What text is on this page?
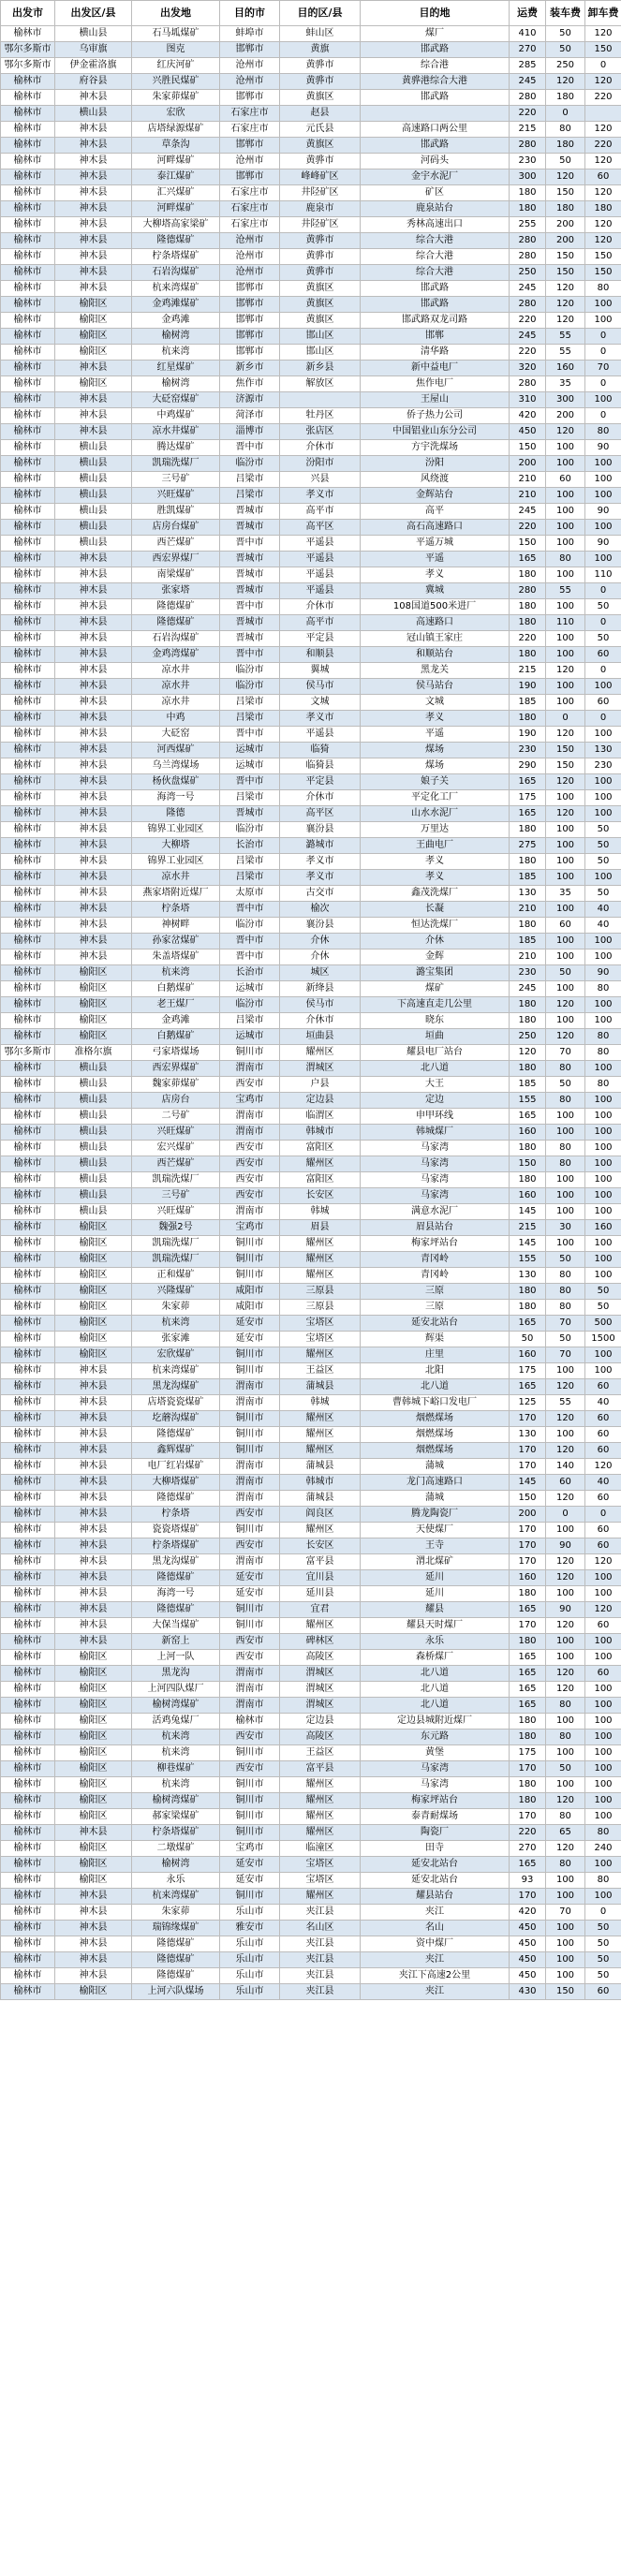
出发市	出发区/县	出发地	目的市	目的区/县	目的地	运费	装车费	卸车费
榆林市	横山县	石马坬煤矿	蚌埠市	蚌山区	煤厂	410	50	120
鄂尔多斯市	乌审旗	图克	邯郸市	黄旗	邯武路	270	50	150
鄂尔多斯市	伊金霍洛旗	红庆河矿	沧州市	黄骅市	综合港	285	250	0
榆林市	府谷县	兴胜民煤矿	沧州市	黄骅市	黄骅港综合大港	245	120	120
榆林市	神木县	朱家茆煤矿	邯郸市	黄旗区	邯武路	280	180	220
榆林市	横山县	宏欣	石家庄市	赵县		220	0	
榆林市	神木县	店塔绿源煤矿	石家庄市	元氏县	高速路口两公里	215	80	120
榆林市	神木县	草条沟	邯郸市	黄旗区	邯武路	280	180	220
榆林市	神木县	河畔煤矿	沧州市	黄骅市	河码头	230	50	120
榆林市	神木县	泰江煤矿	邯郸市	峰峰矿区	金宇水泥厂	300	120	60
榆林市	神木县	汇兴煤矿	石家庄市	井陉矿区	矿区	180	150	120
榆林市	神木县	河畔煤矿	石家庄市	鹿泉市	鹿泉站台	180	180	180
榆林市	神木县	大柳塔高家梁矿	石家庄市	井陉矿区	秀林高速出口	255	200	120
榆林市	神木县	隆德煤矿	沧州市	黄骅市	综合大港	280	200	120
榆林市	神木县	柠条塔煤矿	沧州市	黄骅市	综合大港	280	150	150
榆林市	神木县	石岩沟煤矿	沧州市	黄骅市	综合大港	250	150	150
榆林市	神木县	杭来湾煤矿	邯郸市	黄旗区	邯武路	245	120	80
榆林市	榆阳区	金鸡滩煤矿	邯郸市	黄旗区	邯武路	280	120	100
榆林市	榆阳区	金鸡滩	邯郸市	黄旗区	邯武路双龙司路	220	120	100
榆林市	榆阳区	榆树湾	邯郸市	邯山区	邯郸	245	55	0
榆林市	榆阳区	杭来湾	邯郸市	邯山区	清华路	220	55	0
榆林市	神木县	红星煤矿	新乡市	新乡县	新中益电厂	320	160	70
榆林市	榆阳区	榆树湾	焦作市	解放区	焦作电厂	280	35	0
榆林市	神木县	大砭窑煤矿	济源市		王屋山	310	300	100
榆林市	神木县	中鸡煤矿	菏泽市	牡丹区	侨子热力公司	420	200	0
榆林市	神木县	凉水井煤矿	淄博市	张店区	中国铝业山东分公司	450	120	80
榆林市	横山县	腾达煤矿	晋中市	介休市	方宇洗煤场	150	100	90
榆林市	横山县	凯瑞洗煤厂	临汾市	汾阳市	汾阳	200	100	100
榆林市	横山县	三号矿	吕梁市	兴县	风绕渡	210	60	100
榆林市	横山县	兴旺煤矿	吕梁市	孝义市	金辉站台	210	100	100
榆林市	横山县	胜凯煤矿	晋城市	高平市	高平	245	100	90
榆林市	横山县	店房台煤矿	晋城市	高平区	高石高速路口	220	100	100
榆林市	横山县	西芒煤矿	晋中市	平遥县	平遥万城	150	100	90
榆林市	神木县	西宏界煤厂	晋城市	平遥县	平遥	165	80	100
榆林市	神木县	南梁煤矿	晋城市	平遥县	孝义	180	100	110
榆林市	神木县	张家塔	晋城市	平遥县	冀城	280	55	0
榆林市	神木县	隆德煤矿	晋中市	介休市	108国道500米进厂	180	100	50
榆林市	神木县	隆德煤矿	晋城市	高平市	高速路口	180	110	0
榆林市	神木县	石岩沟煤矿	晋城市	平定县	冠山镇王家庄	220	100	50
榆林市	神木县	金鸡湾煤矿	晋中市	和顺县	和顺站台	180	100	60
榆林市	神木县	凉水井	临汾市	翼城	黑龙关	215	120	0
榆林市	神木县	凉水井	临汾市	侯马市	侯马站台	190	100	100
榆林市	神木县	凉水井	吕梁市	文城	文城	185	100	60
榆林市	神木县	中鸡	吕梁市	孝义市	孝义	180	0	0
榆林市	神木县	大砭窑	晋中市	平遥县	平遥	190	120	100
榆林市	神木县	河西煤矿	运城市	临猗	煤场	230	150	130
榆林市	神木县	乌兰湾煤场	运城市	临猗县	煤场	290	150	230
榆林市	神木县	杨伙盘煤矿	晋中市	平定县	娘子关	165	120	100
榆林市	神木县	海湾一号	吕梁市	介休市	平定化工厂	175	100	100
榆林市	神木县	隆德	晋城市	高平区	山水水泥厂	165	120	100
榆林市	神木县	锦界工业园区	临汾市	襄汾县	万里达	180	100	50
榆林市	神木县	大柳塔	长治市	潞城市	王曲电厂	275	100	50
榆林市	神木县	锦界工业园区	吕梁市	孝义市	孝义	180	100	50
榆林市	神木县	凉水井	吕梁市	孝义市	孝义	185	100	100
榆林市	神木县	燕家塔附近煤厂	太原市	古交市	鑫茂洗煤厂	130	35	50
榆林市	神木县	柠条塔	晋中市	榆次	长凝	210	100	40
榆林市	神木县	神树畔	临汾市	襄汾县	恒达洗煤厂	180	60	40
榆林市	神木县	孙家岔煤矿	晋中市	介休	介休	185	100	100
榆林市	神木县	朱盖塔煤矿	晋中市	介休	金辉	210	100	100
榆林市	榆阳区	杭来湾	长治市	城区	潞宝集团	230	50	90
榆林市	榆阳区	白鹅煤矿	运城市	新绛县	煤矿	245	100	80
榆林市	榆阳区	老王煤厂	临汾市	侯马市	下高速直走几公里	180	120	100
榆林市	榆阳区	金鸡滩	吕梁市	介休市	晓东	180	100	100
榆林市	榆阳区	白鹅煤矿	运城市	垣曲县	垣曲	250	120	80
鄂尔多斯市	准格尔旗	弓家塔煤场	铜川市	耀州区	耀县电厂站台	120	70	80
榆林市	横山县	西宏界煤矿	渭南市	渭城区	北八道	180	80	100
榆林市	横山县	魏家茆煤矿	西安市	户县	大王	185	50	80
榆林市	横山县	店房台	宝鸡市	定边县	定边	155	80	100
榆林市	横山县	二号矿	渭南市	临渭区	申甲环线	165	100	100
榆林市	横山县	兴旺煤矿	渭南市	韩城市	韩城煤厂	160	100	100
榆林市	横山县	宏兴煤矿	西安市	富阳区	马家湾	180	80	100
榆林市	横山县	西芒煤矿	西安市	耀州区	马家湾	150	80	100
榆林市	横山县	凯瑞洗煤厂	西安市	富阳区	马家湾	180	100	100
榆林市	横山县	三号矿	西安市	长安区	马家湾	160	100	100
榆林市	横山县	兴旺煤矿	渭南市	韩城	满意水泥厂	145	100	100
榆林市	榆阳区	魏强2号	宝鸡市	眉县	眉县站台	215	30	160
榆林市	榆阳区	凯瑞洗煤厂	铜川市	耀州区	梅家坪站台	145	100	100
榆林市	榆阳区	凯瑞洗煤厂	铜川市	耀州区	青冈岭	155	50	100
榆林市	榆阳区	正和煤矿	铜川市	耀州区	青冈岭	130	80	100
榆林市	榆阳区	兴隆煤矿	咸阳市	三原县	三原	180	80	50
榆林市	榆阳区	朱家茆	咸阳市	三原县	三原	180	80	50
榆林市	榆阳区	杭来湾	延安市	宝塔区	延安北站台	165	70	500
榆林市	榆阳区	张家滩	延安市	宝塔区	辉渠	50	50	1500
榆林市	榆阳区	宏欣煤矿	铜川市	耀州区	庄里	160	70	100
榆林市	神木县	杭来湾煤矿	铜川市	王益区	北阳	175	100	100
榆林市	神木县	黑龙沟煤矿	渭南市	蒲城县	北八道	165	120	60
榆林市	神木县	店塔瓷瓷煤矿	渭南市	韩城	曹韩城下峪口发电厂	125	55	40
榆林市	神木县	圪蘑沟煤矿	铜川市	耀州区	烟燃煤场	170	120	60
榆林市	神木县	隆德煤矿	铜川市	耀州区	烟燃煤场	130	100	60
榆林市	神木县	鑫辉煤矿	铜川市	耀州区	烟燃煤场	170	120	60
榆林市	神木县	电厂红岩煤矿	渭南市	蒲城县	蒲城	170	140	120
榆林市	神木县	大柳塔煤矿	渭南市	韩城市	龙门高速路口	145	60	40
榆林市	神木县	隆德煤矿	渭南市	蒲城县	蒲城	150	120	60
榆林市	神木县	柠条塔	西安市	阎良区	腾龙陶瓷厂	200	0	0
榆林市	神木县	瓷瓷塔煤矿	铜川市	耀州区	天使煤厂	170	100	60
榆林市	神木县	柠条塔煤矿	西安市	长安区	王寺	170	90	60
榆林市	神木县	黑龙沟煤矿	渭南市	富平县	渭北煤矿	170	120	120
榆林市	神木县	隆德煤矿	延安市	宜川县	延川	160	120	100
榆林市	神木县	海湾一号	延安市	延川县	延川	180	100	100
榆林市	神木县	隆德煤矿	铜川市	宜君	耀县	165	90	120
榆林市	神木县	大保当煤矿	铜川市	耀州区	耀县天时煤厂	170	120	60
榆林市	神木县	新窑上	西安市	碑林区	永乐	180	100	100
榆林市	榆阳区	上河一队	西安市	高陵区	森桥煤厂	165	100	100
榆林市	榆阳区	黑龙沟	渭南市	渭城区	北八道	165	120	60
榆林市	榆阳区	上河四队煤厂	渭南市	渭城区	北八道	165	120	100
榆林市	榆阳区	榆树湾煤矿	渭南市	渭城区	北八道	165	80	100
榆林市	榆阳区	活鸡兔煤厂	榆林市	定边县	定边县城附近煤厂	180	100	100
榆林市	榆阳区	杭来湾	西安市	高陵区	东元路	180	80	100
榆林市	榆阳区	杭来湾	铜川市	王益区	黄堡	175	100	100
榆林市	榆阳区	柳巷煤矿	西安市	富平县	马家湾	170	50	100
榆林市	榆阳区	杭来湾	铜川市	耀州区	马家湾	180	100	100
榆林市	榆阳区	榆树湾煤矿	铜川市	耀州区	梅家坪站台	180	120	100
榆林市	榆阳区	郝家梁煤矿	铜川市	耀州区	泰青耐煤场	170	80	100
榆林市	神木县	柠条塔煤矿	铜川市	耀州区	陶瓷厂	220	65	80
榆林市	榆阳区	二墩煤矿	宝鸡市	临潼区	田寺	270	120	240
榆林市	榆阳区	榆树湾	延安市	宝塔区	延安北站台	165	80	100
榆林市	榆阳区	永乐	延安市	宝塔区	延安北站台	93	100	80
榆林市	神木县	杭来湾煤矿	铜川市	耀州区	耀县站台	170	100	100
榆林市	神木县	朱家茆	乐山市	夹江县	夹江	420	70	0
榆林市	神木县	瑞锦缘煤矿	雅安市	名山区	名山	450	100	50
榆林市	神木县	隆德煤矿	乐山市	夹江县	资中煤厂	450	100	50
榆林市	神木县	隆德煤矿	乐山市	夹江县	夹江	450	100	50
榆林市	神木县	隆德煤矿	乐山市	夹江县	夹江下高速2公里	450	100	50
榆林市	榆阳区	上河六队煤场	乐山市	夹江县	夹江	430	150	60
